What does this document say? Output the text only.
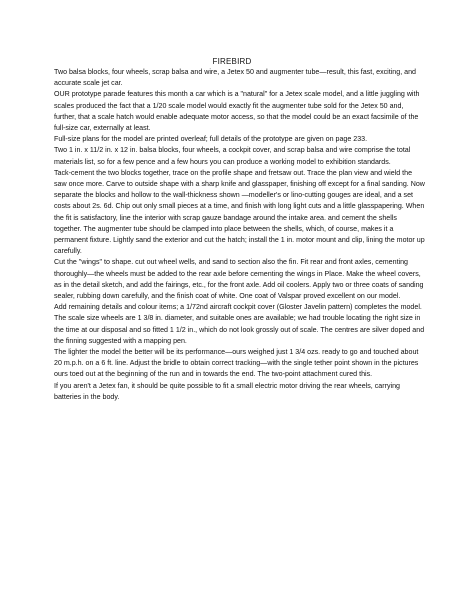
FIREBIRD

Two balsa blocks, four wheels, scrap balsa and wire, a Jetex 50 and augmenter tube—result, this fast, exciting, and accurate scale jet car.

OUR prototype parade features this month a car which is a "natural" for a Jetex scale model, and a little juggling with scales produced the fact that a 1/20 scale model would exactly fit the augmenter tube sold for the Jetex 50 and, further, that a scale hatch would enable adequate motor access, so that the model could be an exact facsimile of the full-size car, externally at least.

Full-size plans for the model are printed overleaf; full details of the prototype are given on page 233.

Two 1 in. x 11/2 in. x 12 in. balsa blocks, four wheels, a cockpit cover, and scrap balsa and wire comprise the total materials list, so for a few pence and a few hours you can produce a working model to exhibition standards.

Tack-cement the two blocks together, trace on the profile shape and fretsaw out. Trace the plan view and wield the saw once more. Carve to outside shape with a sharp knife and glasspaper, finishing off except for a final sanding. Now separate the blocks and hollow to the wall-thickness shown —modeller's or lino-cutting gouges are ideal, and a set costs about 2s. 6d. Chip out only small pieces at a time, and finish with long light cuts and a little glasspapering. When the fit is satisfactory, line the interior with scrap gauze bandage around the intake area. and cement the shells together. The augmenter tube should be clamped into place between the shells, which, of course, makes it a permanent fixture. Lightly sand the exterior and cut the hatch; install the 1 in. motor mount and clip, lining the motor up carefully.

Cut the "wings" to shape. cut out wheel wells, and sand to section also the fin. Fit rear and front axles, cementing thoroughly—the wheels must be added to the rear axle before cementing the wings in Place. Make the wheel covers, as in the detail sketch, and add the fairings, etc., for the front axle. Add oil coolers. Apply two or three coats of sanding sealer, rubbing down carefully, and the finish coat of white. One coat of Valspar proved excellent on our model.

Add remaining details and colour items; a 1/72nd aircraft cockpit cover (Gloster Javelin pattern) completes the model. The scale size wheels are 1 3/8 in. diameter, and suitable ones are available; we had trouble locating the right size in the time at our disposal and so fitted 1 1/2 in., which do not look grossly out of scale. The centres are silver doped and the finning suggested with a mapping pen.

The lighter the model the better will be its performance—ours weighed just 1 3/4 ozs. ready to go and touched about 20 m.p.h. on a 6 ft. line. Adjust the bridle to obtain correct tracking—with the single tether point shown in the pictures ours toed out at the beginning of the run and in towards the end. The two-point attachment cured this.

If you aren't a Jetex fan, it should be quite possible to fit a small electric motor driving the rear wheels, carrying batteries in the body.
